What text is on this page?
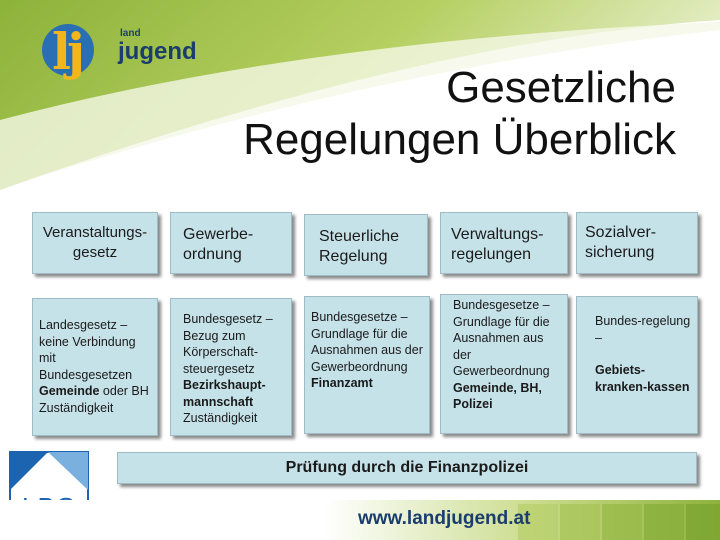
lj	land
jugend
Gesetzliche
Regelungen Überblick
Veranstaltungs-gesetz
Landesgesetz – keine Verbindung mit Bundesgesetzen Gemeinde oder BH Zuständigkeit
Gewerbe-ordnung
Bundesgesetz – Bezug zum Körperschaft-steuergesetz Bezirkshaupt-mannschaft Zuständigkeit
Steuerliche Regelung
Bundesgesetze – Grundlage für die Ausnahmen aus der Gewerbeordnung Finanzamt
Verwaltungs-regelungen
Bundesgesetze – Grundlage für die Ausnahmen aus der Gewerbeordnung Gemeinde, BH, Polizei
Sozialver-sicherung
Bundes-regelung –
Gebiets-kranken-kassen
Prüfung durch die Finanzpolizei
www.landjugend.at
